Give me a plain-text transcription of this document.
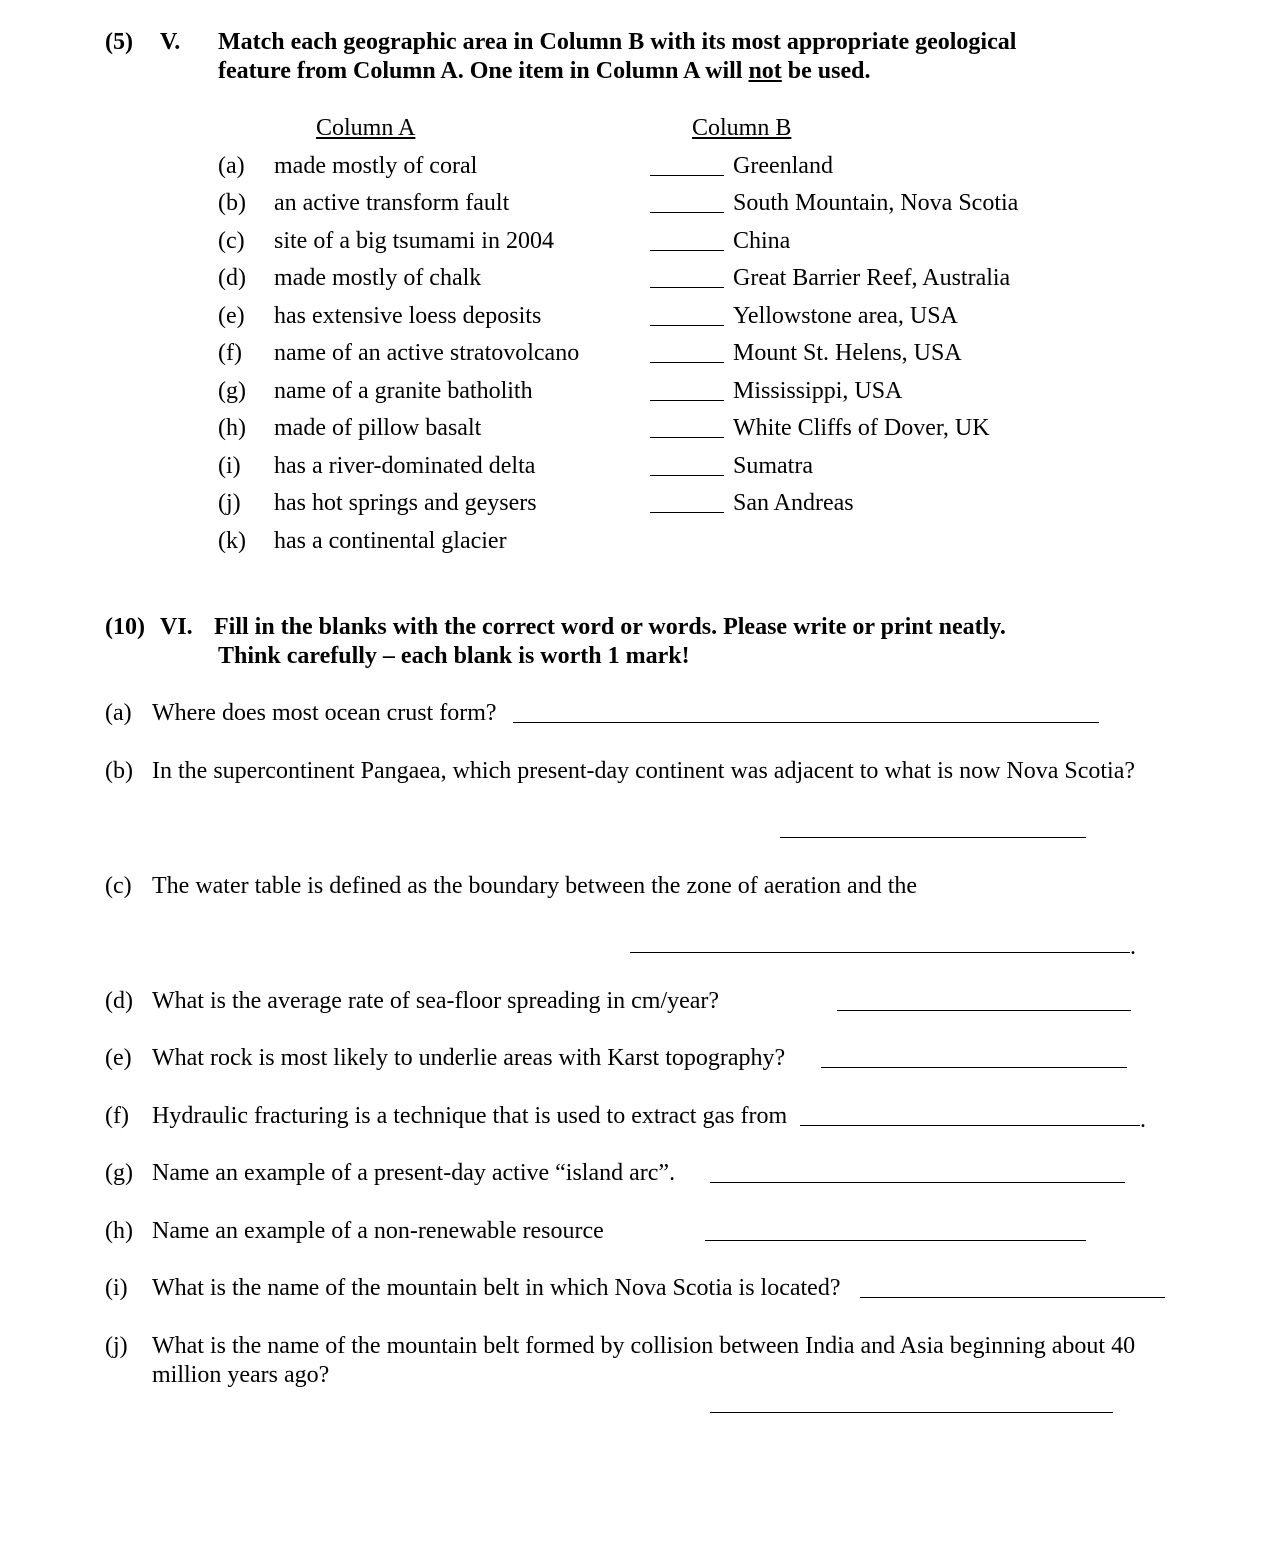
(5) V. Match each geographic area in Column B with its most appropriate geological
feature from Column A. One item in Column A will not be used.
Column A	Column B
(a) made mostly of coral
(b) an active transform fault
(c) site of a big tsumami in 2004
(d) made mostly of chalk
(e) has extensive loess deposits
(f) name of an active stratovolcano
(g) name of a granite batholith
(h) made of pillow basalt
(i) has a river-dominated delta
(j) has hot springs and geysers
(k) has a continental glacier
Greenland
South Mountain, Nova Scotia
China
Great Barrier Reef, Australia
Yellowstone area, USA
Mount St. Helens, USA
Mississippi, USA
White Cliffs of Dover, UK
Sumatra
San Andreas
(10) VI. Fill in the blanks with the correct word or words. Please write or print neatly.
Think carefully – each blank is worth 1 mark!
(a) Where does most ocean crust form?
(b) In the supercontinent Pangaea, which present-day continent was adjacent to what is now Nova Scotia?
(c) The water table is defined as the boundary between the zone of aeration and the
.
(d) What is the average rate of sea-floor spreading in cm/year?
(e) What rock is most likely to underlie areas with Karst topography?
(f) Hydraulic fracturing is a technique that is used to extract gas from	.
(g) Name an example of a present-day active “island arc”.
(h) Name an example of a non-renewable resource
(i) What is the name of the mountain belt in which Nova Scotia is located?
(j) What is the name of the mountain belt formed by collision between India and Asia beginning about 40
million years ago?
